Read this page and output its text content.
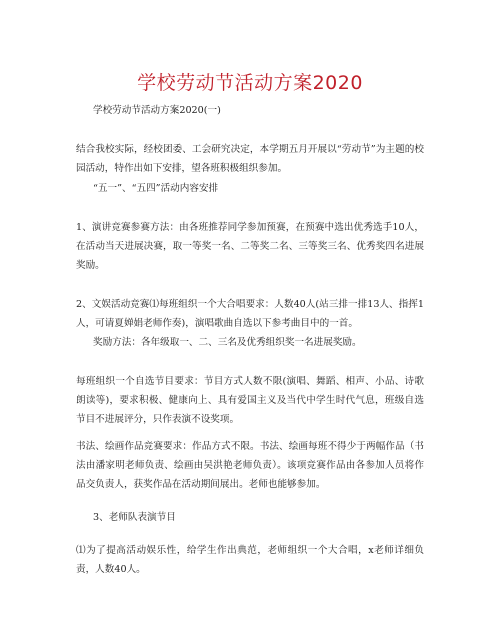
学校劳动节活动方案2020

学校劳动节活动方案2020(一)

结合我校实际，经校团委、工会研究决定，本学期五月开展以“劳动节”为主题的校园活动，特作出如下安排，望各班积极组织参加。

“五一”、“五四”活动内容安排

1、演讲竞赛参赛方法：由各班推荐同学参加预赛，在预赛中选出优秀选手10人，在活动当天进展决赛，取一等奖一名、二等奖二名、三等奖三名、优秀奖四名进展奖励。

2、文娱活动竞赛⑴每班组织一个大合唱要求：人数40人(站三排一排13人、指挥1人，可请夏婵娟老师作奏)，演唱歌曲自选以下参考曲目中的一首。

奖励方法：各年级取一、二、三名及优秀组织奖一名进展奖励。

每班组织一个自选节目要求：节目方式人数不限(演唱、舞蹈、相声、小品、诗歌朗读等)，要求积极、健康向上、具有爱国主义及当代中学生时代气息，班级自选节目不进展评分，只作表演不设奖项。

书法、绘画作品竞赛要求：作品方式不限。书法、绘画每班不得少于两幅作品（书法由潘家明老师负责、绘画由吴洪艳老师负责）。该项竞赛作品由各参加人员将作品交负责人，获奖作品在活动期间展出。老师也能够参加。

3、老师队表演节目

⑴为了提高活动娱乐性，给学生作出典范，老师组织一个大合唱，x老师详细负责，人数40人。
